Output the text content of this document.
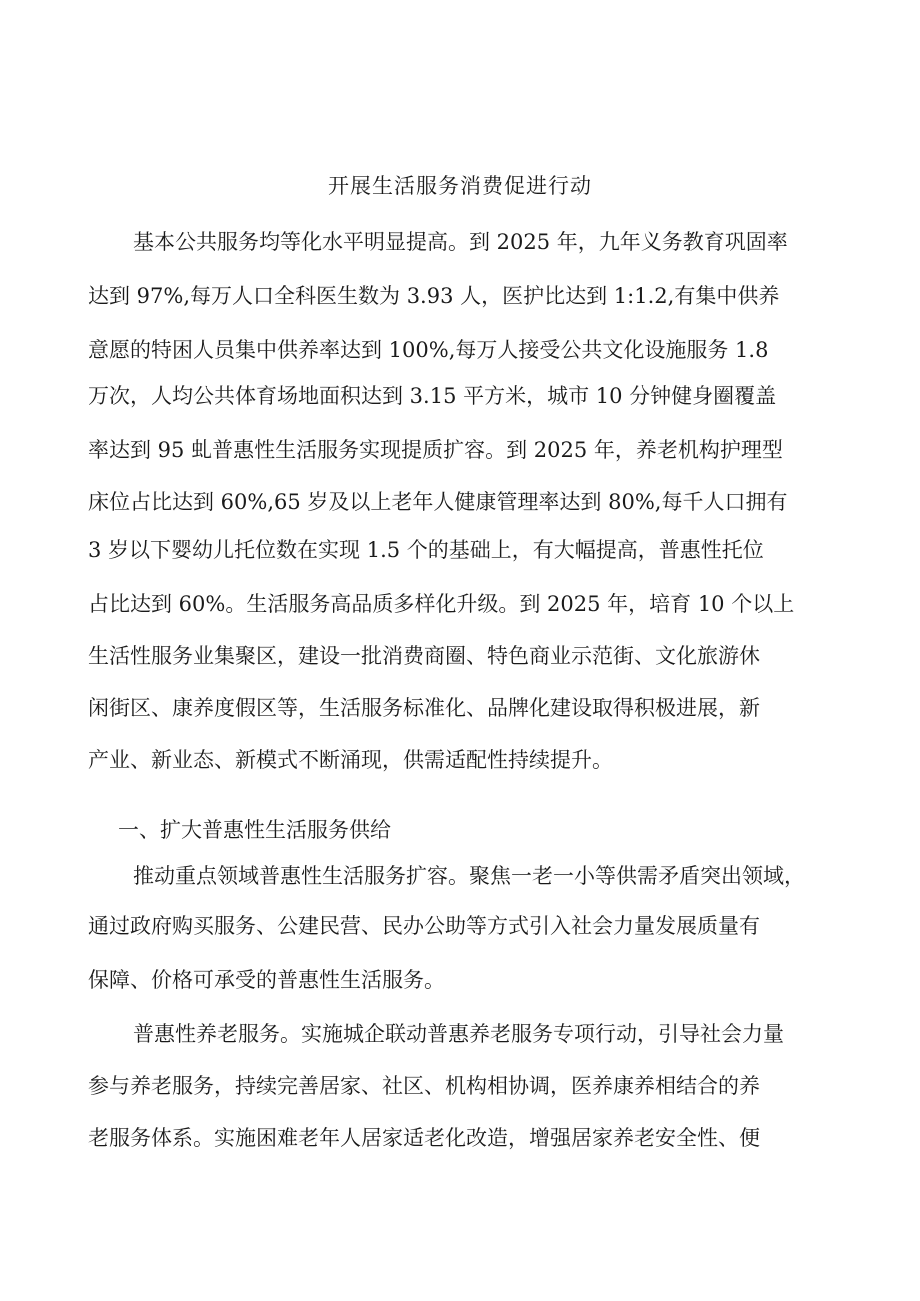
开展生活服务消费促进行动
基本公共服务均等化水平明显提高。到 2025 年，九年义务教育巩固率
达到 97%,每万人口全科医生数为 3.93 人，医护比达到 1:1.2,有集中供养
意愿的特困人员集中供养率达到 100%,每万人接受公共文化设施服务 1.8
万次，人均公共体育场地面积达到 3.15 平方米，城市 10 分钟健身圈覆盖
率达到 95 虬普惠性生活服务实现提质扩容。到 2025 年，养老机构护理型
床位占比达到 60%,65 岁及以上老年人健康管理率达到 80%,每千人口拥有
3 岁以下婴幼儿托位数在实现 1.5 个的基础上，有大幅提高，普惠性托位
占比达到 60%。生活服务高品质多样化升级。到 2025 年，培育 10 个以上
生活性服务业集聚区，建设一批消费商圈、特色商业示范街、文化旅游休
闲街区、康养度假区等，生活服务标准化、品牌化建设取得积极进展，新
产业、新业态、新模式不断涌现，供需适配性持续提升。
一、扩大普惠性生活服务供给
推动重点领域普惠性生活服务扩容。聚焦一老一小等供需矛盾突出领域，
通过政府购买服务、公建民营、民办公助等方式引入社会力量发展质量有
保障、价格可承受的普惠性生活服务。
普惠性养老服务。实施城企联动普惠养老服务专项行动，引导社会力量
参与养老服务，持续完善居家、社区、机构相协调，医养康养相结合的养
老服务体系。实施困难老年人居家适老化改造，增强居家养老安全性、便
